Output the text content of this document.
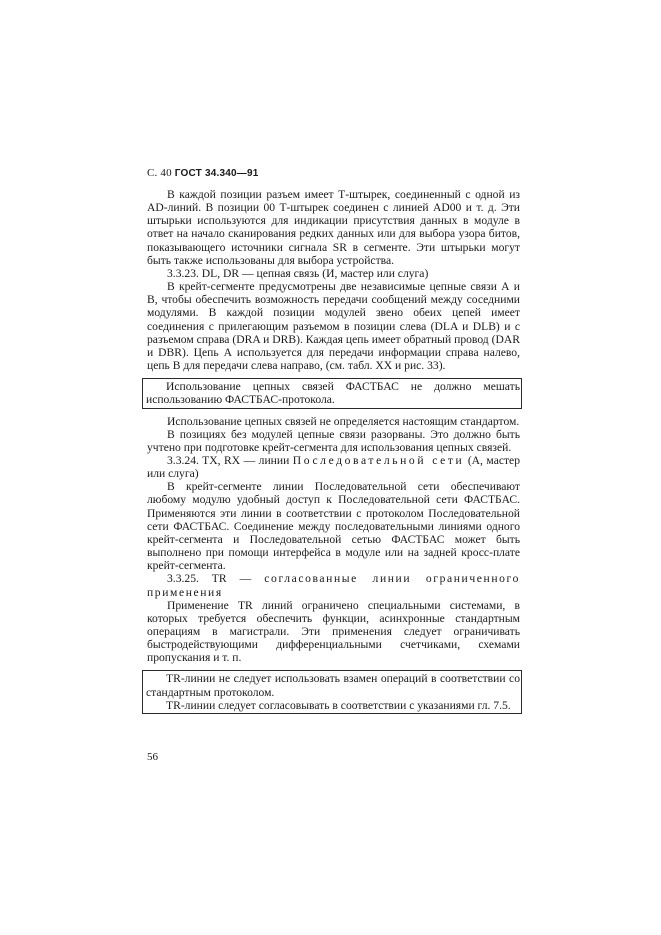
С. 40 ГОСТ 34.340—91

В каждой позиции разъем имеет Т-штырек, соединенный с одной из AD-линий. В позиции 00 Т-штырек соединен с линией AD00 и т. д. Эти штырьки используются для индикации присутствия данных в модуле в ответ на начало сканирования редких данных или для выбора узора битов, показывающего источники сигнала SR в сегменте. Эти штырьки могут быть также использованы для выбора устройства.

3.3.23. DL, DR — цепная связь (И, мастер или слуга)

В крейт-сегменте предусмотрены две независимые цепные связи А и В, чтобы обеспечить возможность передачи сообщений между соседними модулями. В каждой позиции модулей звено обеих цепей имеет соединения с прилегающим разъемом в позиции слева (DLA и DLB) и с разъемом справа (DRA и DRB). Каждая цепь имеет обратный провод (DAR и DBR). Цепь А используется для передачи информации справа налево, цепь В для передачи слева направо, (см. табл. XX и рис. 33).

Использование цепных связей ФАСТБАС не должно мешать использованию ФАСТБАС-протокола.

Использование цепных связей не определяется настоящим стандартом.

В позициях без модулей цепные связи разорваны. Это должно быть учтено при подготовке крейт-сегмента для использования цепных связей.

3.3.24. TX, RX — линии Последовательной сети (А, мастер или слуга)

В крейт-сегменте линии Последовательной сети обеспечивают любому модулю удобный доступ к Последовательной сети ФАСТБАС. Применяются эти линии в соответствии с протоколом Последовательной сети ФАСТБАС. Соединение между последовательными линиями одного крейт-сегмента и Последовательной сетью ФАСТБАС может быть выполнено при помощи интерфейса в модуле или на задней кросс-плате крейт-сегмента.

3.3.25. TR — согласованные линии ограниченного применения

Применение TR линий ограничено специальными системами, в которых требуется обеспечить функции, асинхронные стандартным операциям в магистрали. Эти применения следует ограничивать быстродействующими дифференциальными счетчиками, схемами пропускания и т. п.

TR-линии не следует использовать взамен операций в соответствии со стандартным протоколом.

TR-линии следует согласовывать в соответствии с указаниями гл. 7.5.

56
